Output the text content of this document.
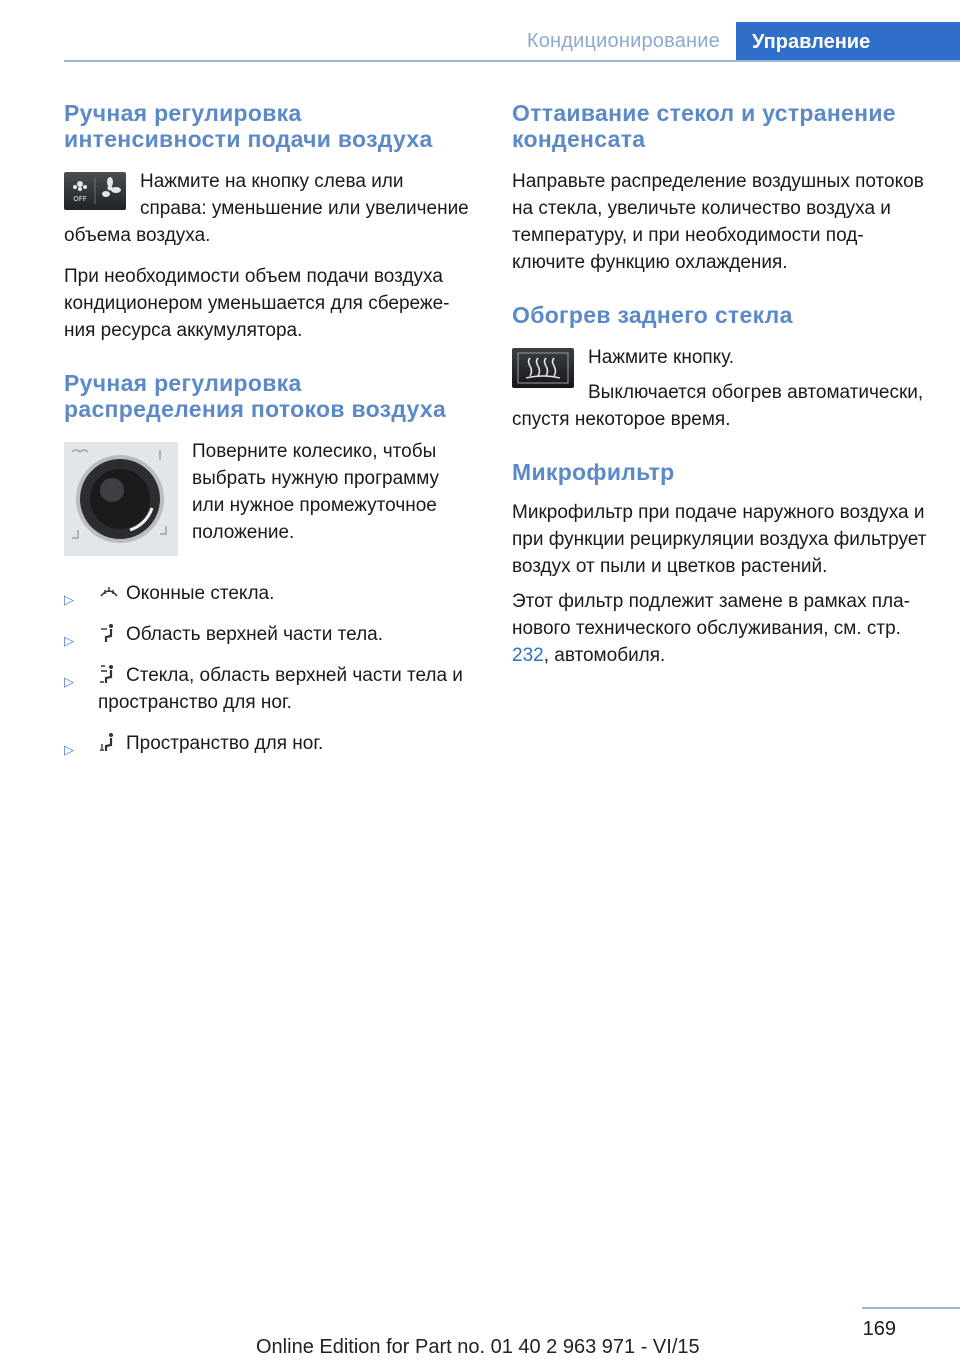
Кондиционирование	Управление
Ручная регулировка интенсивности подачи воздуха
OFF

Нажмите на кнопку слева или справа: уменьшение или увеличение объема воздуха.

При необходимости объем подачи воздуха кондиционером уменьшается для сбережения ресурса аккумулятора.

Ручная регулировка распределения потоков воздуха

Поверните колесико, чтобы выбрать нужную программу или нужное промежуточное положение.

▷	Оконные стекла.
▷	Область верхней части тела.
▷	Стекла, область верхней части тела и пространство для ног.
▷	Пространство для ног.
Оттаивание стекол и устранение конденсата

Направьте распределение воздушных потоков на стекла, увеличьте количество воздуха и температуру, и при необходимости подключите функцию охлаждения.

Обогрев заднего стекла

Нажмите кнопку.

Выключается обогрев автоматически, спустя некоторое время.

Микрофильтр

Микрофильтр при подаче наружного воздуха и при функции рециркуляции воздуха фильтрует воздух от пыли и цветков растений.

Этот фильтр подлежит замене в рамках планового технического обслуживания, см. стр. 232, автомобиля.

169
Online Edition for Part no. 01 40 2 963 971 - VI/15
